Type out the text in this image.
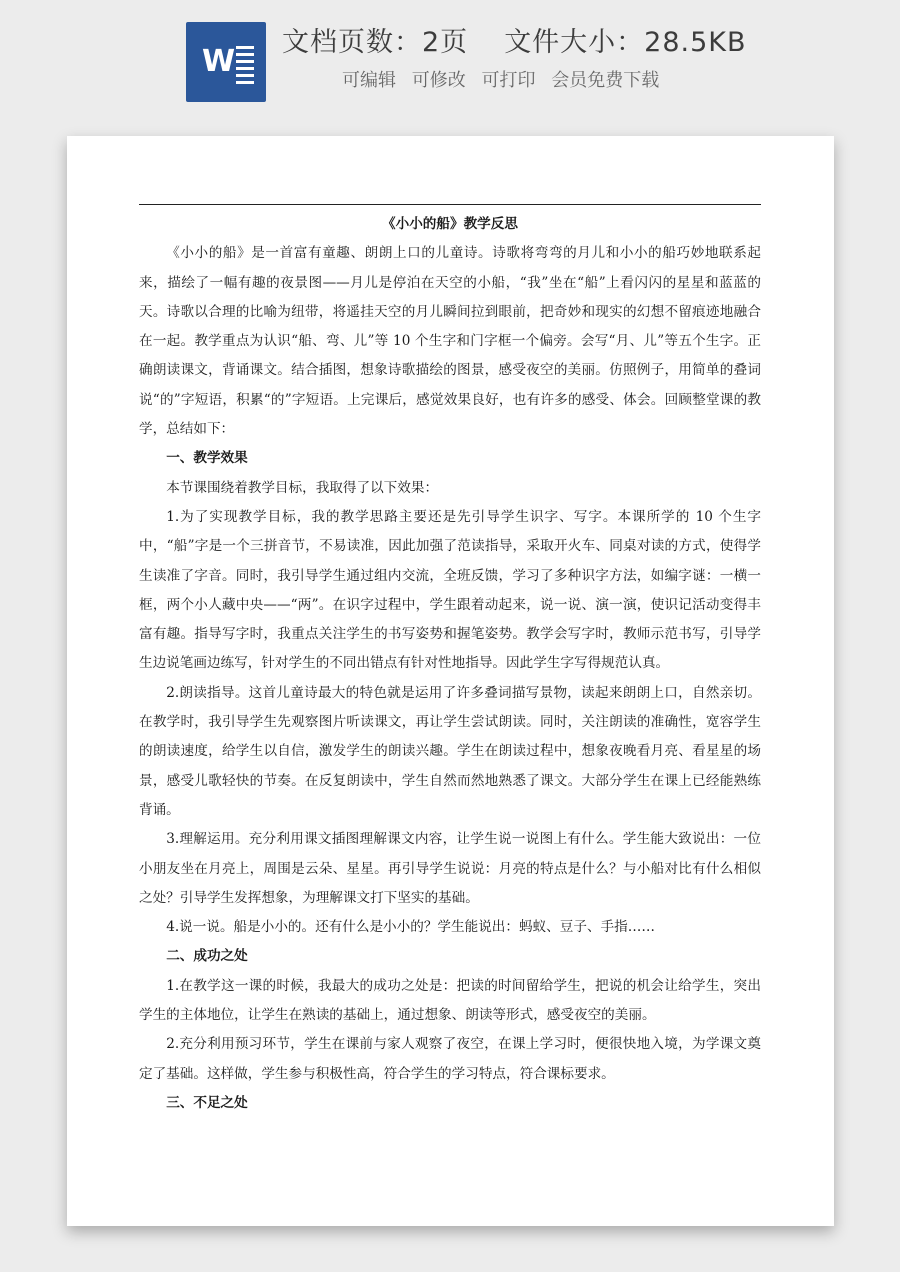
W
文档页数：2页 文件大小：28.5KB
可编辑 可修改 可打印 会员免费下载
《小小的船》教学反思

《小小的船》是一首富有童趣、朗朗上口的儿童诗。诗歌将弯弯的月儿和小小的船巧妙地联系起来，描绘了一幅有趣的夜景图——月儿是停泊在天空的小船，“我”坐在“船”上看闪闪的星星和蓝蓝的天。诗歌以合理的比喻为纽带，将遥挂天空的月儿瞬间拉到眼前，把奇妙和现实的幻想不留痕迹地融合在一起。教学重点为认识“船、弯、儿”等 10 个生字和门字框一个偏旁。会写“月、儿”等五个生字。正确朗读课文，背诵课文。结合插图，想象诗歌描绘的图景，感受夜空的美丽。仿照例子，用简单的叠词说“的”字短语，积累“的”字短语。上完课后，感觉效果良好，也有许多的感受、体会。回顾整堂课的教学，总结如下：

一、教学效果

本节课围绕着教学目标，我取得了以下效果：

1.为了实现教学目标，我的教学思路主要还是先引导学生识字、写字。本课所学的 10 个生字中，“船”字是一个三拼音节，不易读准，因此加强了范读指导，采取开火车、同桌对读的方式，使得学生读准了字音。同时，我引导学生通过组内交流，全班反馈，学习了多种识字方法，如编字谜：一横一框，两个小人藏中央——“两”。在识字过程中，学生跟着动起来，说一说、演一演，使识记活动变得丰富有趣。指导写字时，我重点关注学生的书写姿势和握笔姿势。教学会写字时，教师示范书写，引导学生边说笔画边练写，针对学生的不同出错点有针对性地指导。因此学生字写得规范认真。

2.朗读指导。这首儿童诗最大的特色就是运用了许多叠词描写景物，读起来朗朗上口，自然亲切。在教学时，我引导学生先观察图片听读课文，再让学生尝试朗读。同时，关注朗读的准确性，宽容学生的朗读速度，给学生以自信，激发学生的朗读兴趣。学生在朗读过程中，想象夜晚看月亮、看星星的场景，感受儿歌轻快的节奏。在反复朗读中，学生自然而然地熟悉了课文。大部分学生在课上已经能熟练背诵。

3.理解运用。充分利用课文插图理解课文内容，让学生说一说图上有什么。学生能大致说出：一位小朋友坐在月亮上，周围是云朵、星星。再引导学生说说：月亮的特点是什么？与小船对比有什么相似之处？引导学生发挥想象，为理解课文打下坚实的基础。

4.说一说。船是小小的。还有什么是小小的？学生能说出：蚂蚁、豆子、手指……

二、成功之处

1.在教学这一课的时候，我最大的成功之处是：把读的时间留给学生，把说的机会让给学生，突出学生的主体地位，让学生在熟读的基础上，通过想象、朗读等形式，感受夜空的美丽。

2.充分利用预习环节，学生在课前与家人观察了夜空，在课上学习时，便很快地入境，为学课文奠定了基础。这样做，学生参与积极性高，符合学生的学习特点，符合课标要求。

三、不足之处
